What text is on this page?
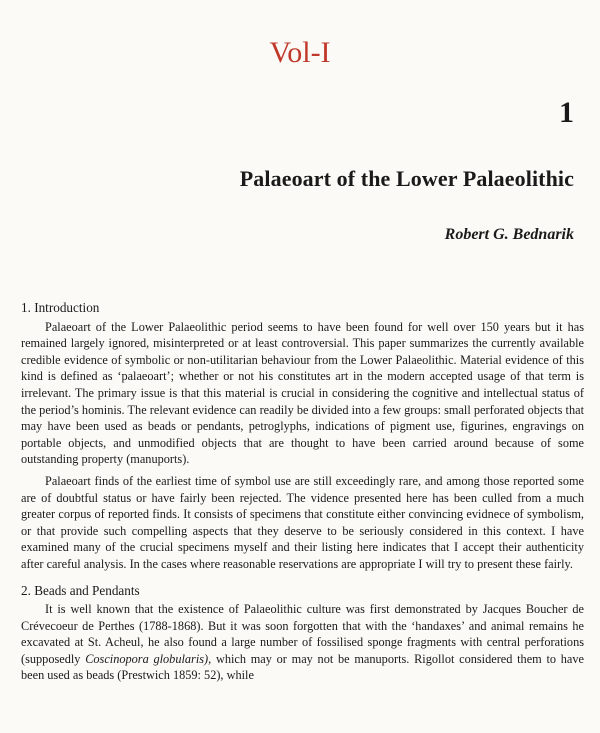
Vol-I
1
Palaeoart of the Lower Palaeolithic
Robert G. Bednarik
1. Introduction

Palaeoart of the Lower Palaeolithic period seems to have been found for well over 150 years but it has remained largely ignored, misinterpreted or at least controversial. This paper summarizes the currently available credible evidence of symbolic or non-utilitarian behaviour from the Lower Palaeolithic. Material evidence of this kind is defined as ‘palaeoart’; whether or not his constitutes art in the modern accepted usage of that term is irrelevant. The primary issue is that this material is crucial in considering the cognitive and intellectual status of the period’s hominis. The relevant evidence can readily be divided into a few groups: small perforated objects that may have been used as beads or pendants, petroglyphs, indications of pigment use, figurines, engravings on portable objects, and unmodified objects that are thought to have been carried around because of some outstanding property (manuports).

Palaeoart finds of the earliest time of symbol use are still exceedingly rare, and among those reported some are of doubtful status or have fairly been rejected. The vidence presented here has been culled from a much greater corpus of reported finds. It consists of specimens that constitute either convincing evidnece of symbolism, or that provide such compelling aspects that they deserve to be seriously considered in this context. I have examined many of the crucial specimens myself and their listing here indicates that I accept their authenticity after careful analysis. In the cases where reasonable reservations are appropriate I will try to present these fairly.

2. Beads and Pendants

It is well known that the existence of Palaeolithic culture was first demonstrated by Jacques Boucher de Crévecoeur de Perthes (1788-1868). But it was soon forgotten that with the ‘handaxes’ and animal remains he excavated at St. Acheul, he also found a large number of fossilised sponge fragments with central perforations (supposedly Coscinopora globularis), which may or may not be manuports. Rigollot considered them to have been used as beads (Prestwich 1859: 52), while
